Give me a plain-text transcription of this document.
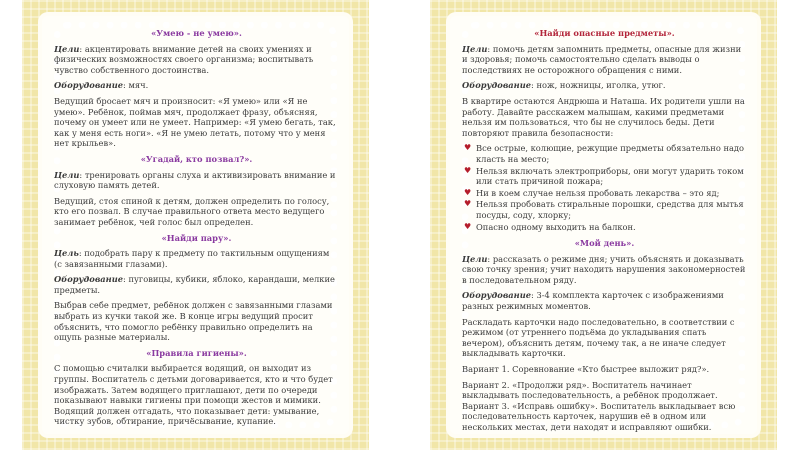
«Умею - не умею».

Цели: акцентировать внимание детей на своих умениях и физических возможностях своего организма; воспитывать чувство собственного достоинства.

Оборудование: мяч.

Ведущий бросает мяч и произносит: «Я умею» или «Я не умею». Ребёнок, поймав мяч, продолжает фразу, объясняя, почему он умеет или не умеет. Например: «Я умею бегать, так, как у меня есть ноги». «Я не умею летать, потому что у меня нет крыльев».

«Угадай, кто позвал?».

Цели: тренировать органы слуха и активизировать внимание и слуховую память детей.

Ведущий, стоя спиной к детям, должен определить по голосу, кто его позвал. В случае правильного ответа место ведущего занимает ребёнок, чей голос был определен.

«Найди пару».

Цель: подобрать пару к предмету по тактильным ощущениям (с завязанными глазами).

Оборудование: пуговицы, кубики, яблоко, карандаши, мелкие предметы.

Выбрав себе предмет, ребёнок должен с завязанными глазами выбрать из кучки такой же. В конце игры ведущий просит объяснить, что помогло ребёнку правильно определить на ощупь разные материалы.

«Правила гигиены».

С помощью считалки выбирается водящий, он выходит из группы. Воспитатель с детьми договаривается, кто и что будет изображать. Затем водящего приглашают, дети по очереди показывают навыки гигиены при помощи жестов и мимики. Водящий должен отгадать, что показывает дети: умывание, чистку зубов, обтирание, причёсывание, купание.

«Найди опасные предметы».

Цели: помочь детям запомнить предметы, опасные для жизни и здоровья; помочь самостоятельно сделать выводы о последствиях не осторожного обращения с ними.

Оборудование: нож, ножницы, иголка, утюг.

В квартире остаются Андрюша и Наташа. Их родители ушли на работу. Давайте расскажем малышам, какими предметами нельзя им пользоваться, что бы не случилось беды. Дети повторяют правила безопасности:

♥ Все острые, колющие, режущие предметы обязательно надо класть на место;
♥ Нельзя включать электроприборы, они могут ударить током или стать причиной пожара;
♥ Ни в коем случае нельзя пробовать лекарства – это яд;
♥ Нельзя пробовать стиральные порошки, средства для мытья посуды, соду, хлорку;
♥ Опасно одному выходить на балкон.

«Мой день».

Цели: рассказать о режиме дня; учить объяснять и доказывать свою точку зрения; учит находить нарушения закономерностей в последовательном ряду.

Оборудование: 3-4 комплекта карточек с изображениями разных режимных моментов.

Раскладать карточки надо последовательно, в соответствии с режимом (от утреннего подъёма до укладывания спать вечером), объяснить детям, почему так, а не иначе следует выкладывать карточки.

Вариант 1. Соревнование «Кто быстрее выложит ряд?».

Вариант 2. «Продолжи ряд». Воспитатель начинает выкладывать последовательность, а ребёнок продолжает. Вариант 3. «Исправь ошибку». Воспитатель выкладывает всю последовательность карточек, нарушив её в одном или нескольких местах, дети находят и исправляют ошибки.
